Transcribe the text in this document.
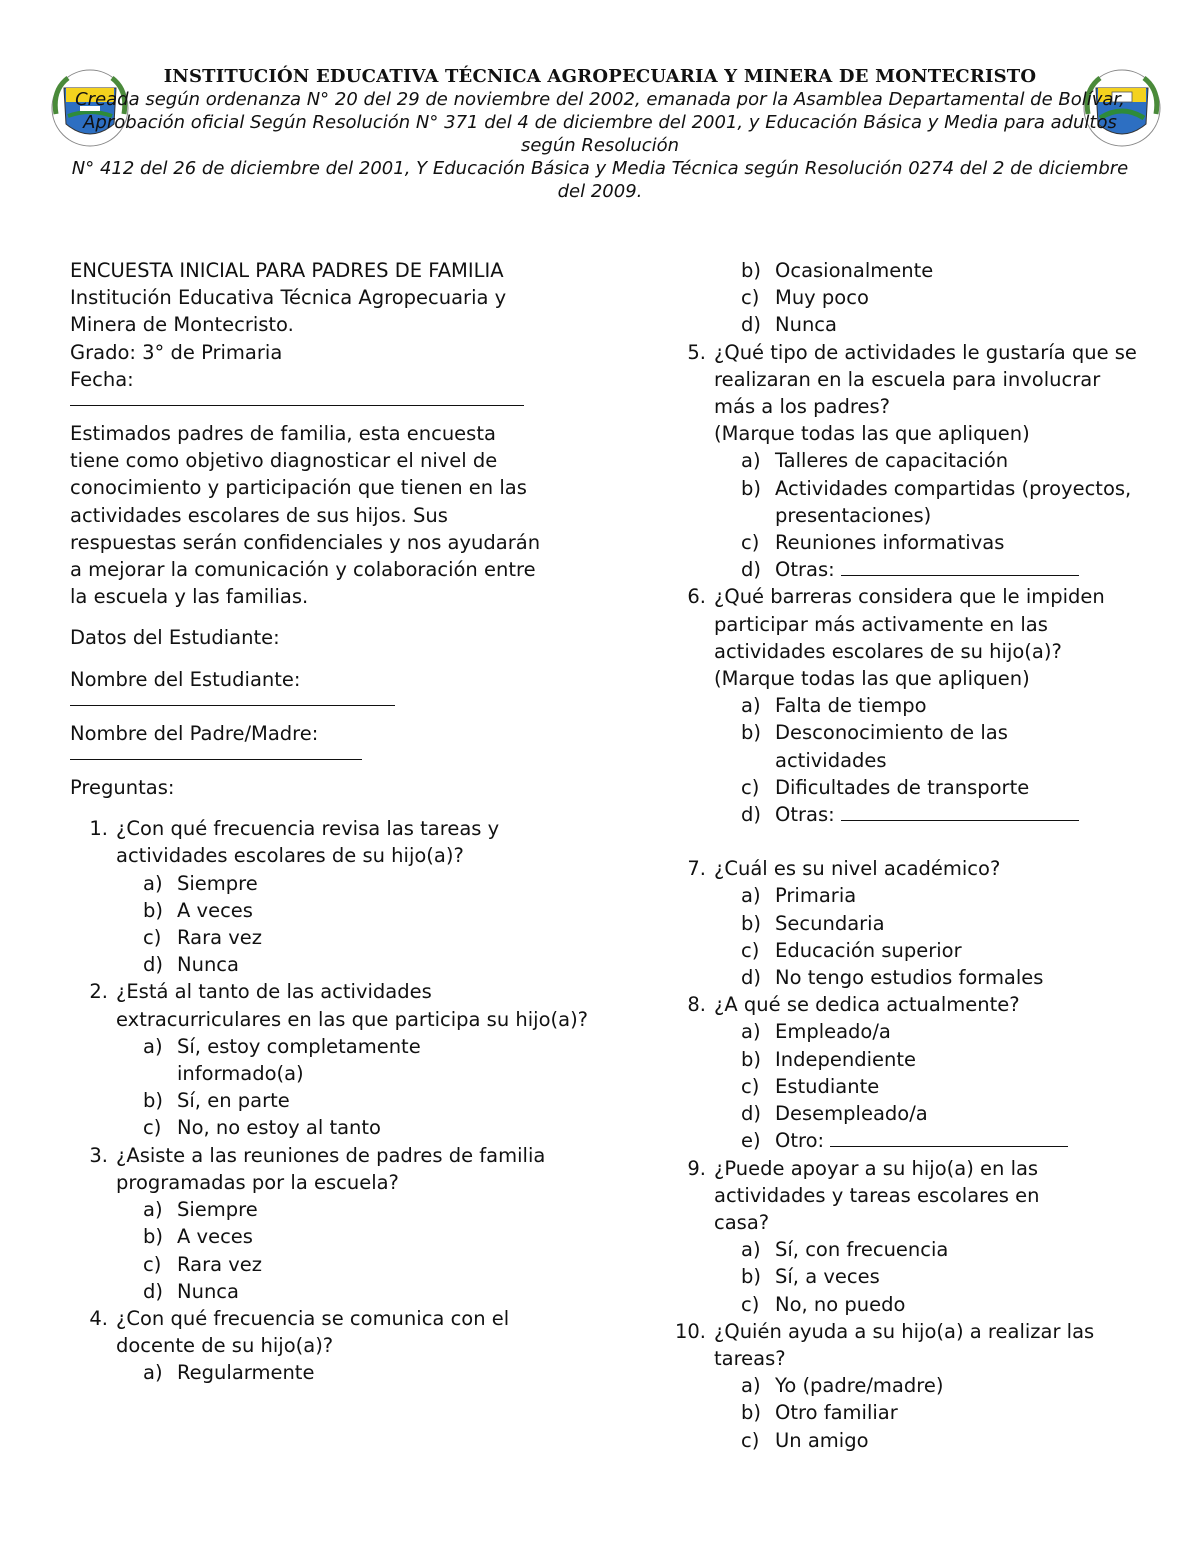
INSTITUCIÓN EDUCATIVA TÉCNICA AGROPECUARIA Y MINERA DE MONTECRISTO

Creada según ordenanza N° 20 del 29 de noviembre del 2002, emanada por la Asamblea Departamental de Bolívar,

Aprobación oficial Según Resolución N° 371 del 4 de diciembre del 2001, y Educación Básica y Media para adultos según Resolución

N° 412 del 26 de diciembre del 2001, Y Educación Básica y Media Técnica según Resolución 0274 del 2 de diciembre del 2009.

ENCUESTA INICIAL PARA PADRES DE FAMILIA

Institución Educativa Técnica Agropecuaria y Minera de Montecristo.

Grado: 3° de Primaria

Fecha:

Estimados padres de familia, esta encuesta tiene como objetivo diagnosticar el nivel de conocimiento y participación que tienen en las actividades escolares de sus hijos. Sus respuestas serán confidenciales y nos ayudarán a mejorar la comunicación y colaboración entre la escuela y las familias.

Datos del Estudiante:

Nombre del Estudiante:

Nombre del Padre/Madre:

Preguntas:

1. ¿Con qué frecuencia revisa las tareas y actividades escolares de su hijo(a)?
a) Siempre
b) A veces
c) Rara vez
d) Nunca
2. ¿Está al tanto de las actividades extracurriculares en las que participa su hijo(a)?
a) Sí, estoy completamente informado(a)
b) Sí, en parte
c) No, no estoy al tanto
3. ¿Asiste a las reuniones de padres de familia programadas por la escuela?
a) Siempre
b) A veces
c) Rara vez
d) Nunca
4. ¿Con qué frecuencia se comunica con el docente de su hijo(a)?
a) Regularmente
b) Ocasionalmente
c) Muy poco
d) Nunca
5. ¿Qué tipo de actividades le gustaría que se realizaran en la escuela para involucrar más a los padres?
(Marque todas las que apliquen)
a) Talleres de capacitación
b) Actividades compartidas (proyectos, presentaciones)
c) Reuniones informativas
d) Otras:
6. ¿Qué barreras considera que le impiden participar más activamente en las actividades escolares de su hijo(a)?
(Marque todas las que apliquen)
a) Falta de tiempo
b) Desconocimiento de las actividades
c) Dificultades de transporte
d) Otras:
7. ¿Cuál es su nivel académico?
a) Primaria
b) Secundaria
c) Educación superior
d) No tengo estudios formales
8. ¿A qué se dedica actualmente?
a) Empleado/a
b) Independiente
c) Estudiante
d) Desempleado/a
e) Otro:
9. ¿Puede apoyar a su hijo(a) en las actividades y tareas escolares en casa?
a) Sí, con frecuencia
b) Sí, a veces
c) No, no puedo
10. ¿Quién ayuda a su hijo(a) a realizar las tareas?
a) Yo (padre/madre)
b) Otro familiar
c) Un amigo
